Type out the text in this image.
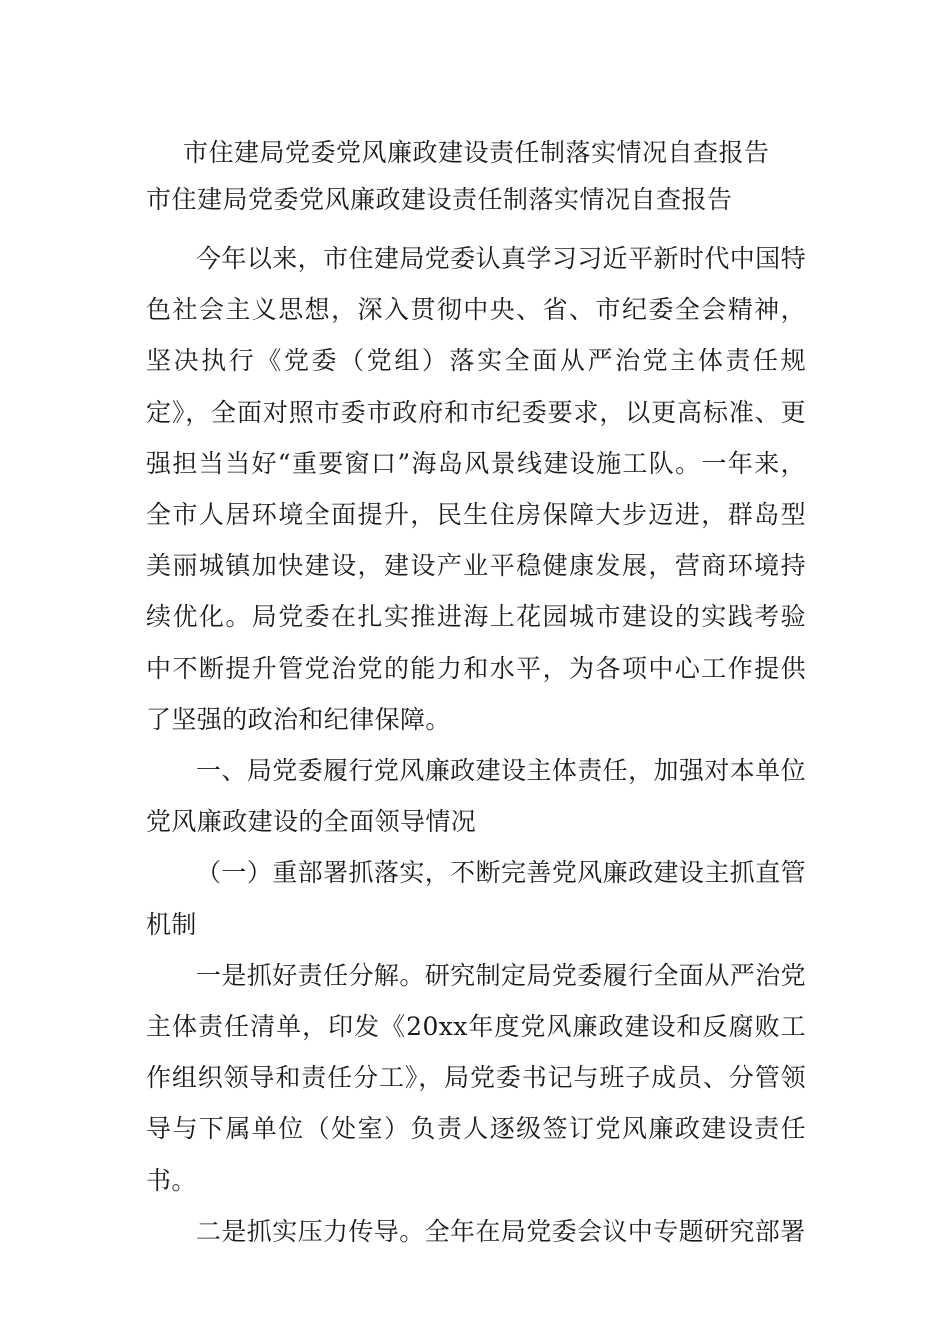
市住建局党委党风廉政建设责任制落实情况自查报告
市住建局党委党风廉政建设责任制落实情况自查报告

今年以来，市住建局党委认真学习习近平新时代中国特色社会主义思想，深入贯彻中央、省、市纪委全会精神，坚决执行《党委（党组）落实全面从严治党主体责任规定》，全面对照市委市政府和市纪委要求，以更高标准、更强担当当好“重要窗口”海岛风景线建设施工队。一年来，全市人居环境全面提升，民生住房保障大步迈进，群岛型美丽城镇加快建设，建设产业平稳健康发展，营商环境持续优化。局党委在扎实推进海上花园城市建设的实践考验中不断提升管党治党的能力和水平，为各项中心工作提供了坚强的政治和纪律保障。

一、局党委履行党风廉政建设主体责任，加强对本单位党风廉政建设的全面领导情况

（一）重部署抓落实，不断完善党风廉政建设主抓直管机制

一是抓好责任分解。研究制定局党委履行全面从严治党主体责任清单，印发《20xx年度党风廉政建设和反腐败工作组织领导和责任分工》，局党委书记与班子成员、分管领导与下属单位（处室）负责人逐级签订党风廉政建设责任书。

二是抓实压力传导。全年在局党委会议中专题研究部署
